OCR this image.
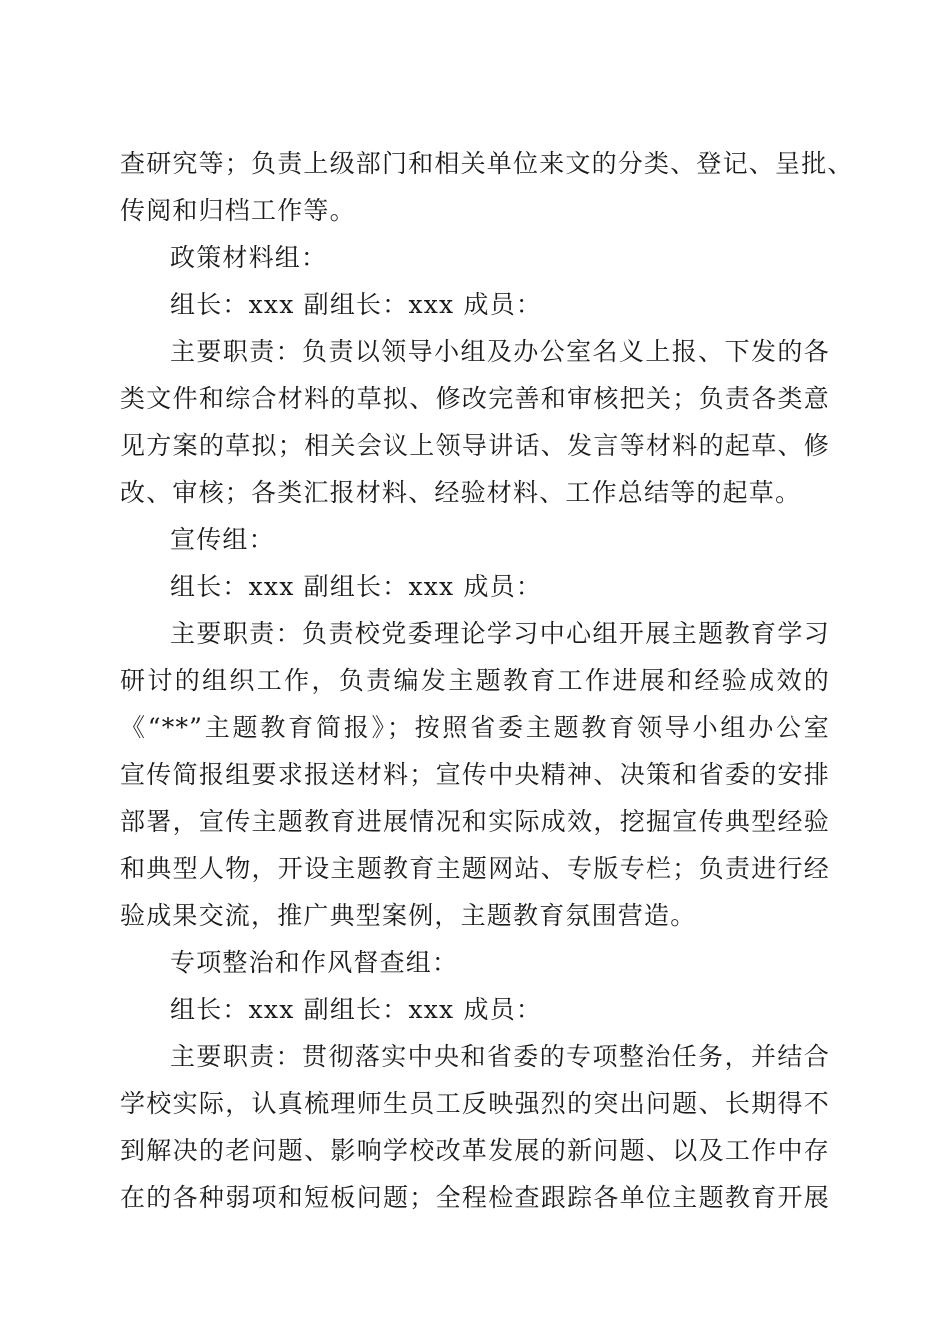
查研究等；负责上级部门和相关单位来文的分类、登记、呈批、
传阅和归档工作等。
政策材料组：
组长：xxx 副组长：xxx 成员：
主要职责：负责以领导小组及办公室名义上报、下发的各
类文件和综合材料的草拟、修改完善和审核把关；负责各类意
见方案的草拟；相关会议上领导讲话、发言等材料的起草、修
改、审核；各类汇报材料、经验材料、工作总结等的起草。
宣传组：
组长：xxx 副组长：xxx 成员：
主要职责：负责校党委理论学习中心组开展主题教育学习
研讨的组织工作，负责编发主题教育工作进展和经验成效的
《“**”主题教育简报》；按照省委主题教育领导小组办公室
宣传简报组要求报送材料；宣传中央精神、决策和省委的安排
部署，宣传主题教育进展情况和实际成效，挖掘宣传典型经验
和典型人物，开设主题教育主题网站、专版专栏；负责进行经
验成果交流，推广典型案例，主题教育氛围营造。
专项整治和作风督查组：
组长：xxx 副组长：xxx 成员：
主要职责：贯彻落实中央和省委的专项整治任务，并结合
学校实际，认真梳理师生员工反映强烈的突出问题、长期得不
到解决的老问题、影响学校改革发展的新问题、以及工作中存
在的各种弱项和短板问题；全程检查跟踪各单位主题教育开展
